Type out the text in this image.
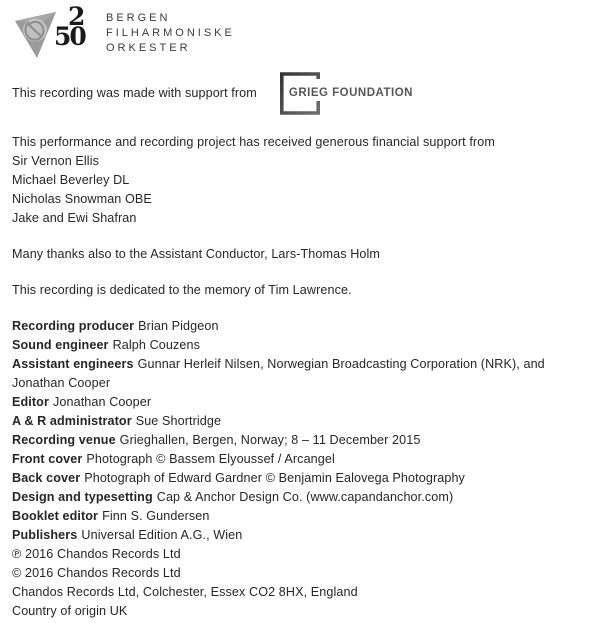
2
50
BERGEN
FILHARMONISKE
ORKESTER

This recording was made with support from	GRIEG FOUNDATION

This performance and recording project has received generous financial support from

Sir Vernon Ellis

Michael Beverley DL

Nicholas Snowman OBE

Jake and Ewi Shafran

Many thanks also to the Assistant Conductor, Lars-Thomas Holm

This recording is dedicated to the memory of Tim Lawrence.

Recording producer Brian Pidgeon

Sound engineer Ralph Couzens

Assistant engineers Gunnar Herleif Nilsen, Norwegian Broadcasting Corporation (NRK), and Jonathan Cooper

Editor Jonathan Cooper

A & R administrator Sue Shortridge

Recording venue Grieghallen, Bergen, Norway; 8 – 11 December 2015

Front cover Photograph © Bassem Elyoussef / Arcangel

Back cover Photograph of Edward Gardner © Benjamin Ealovega Photography

Design and typesetting Cap & Anchor Design Co. (www.capandanchor.com)

Booklet editor Finn S. Gundersen

Publishers Universal Edition A.G., Wien

℗ 2016 Chandos Records Ltd

© 2016 Chandos Records Ltd

Chandos Records Ltd, Colchester, Essex CO2 8HX, England

Country of origin UK
